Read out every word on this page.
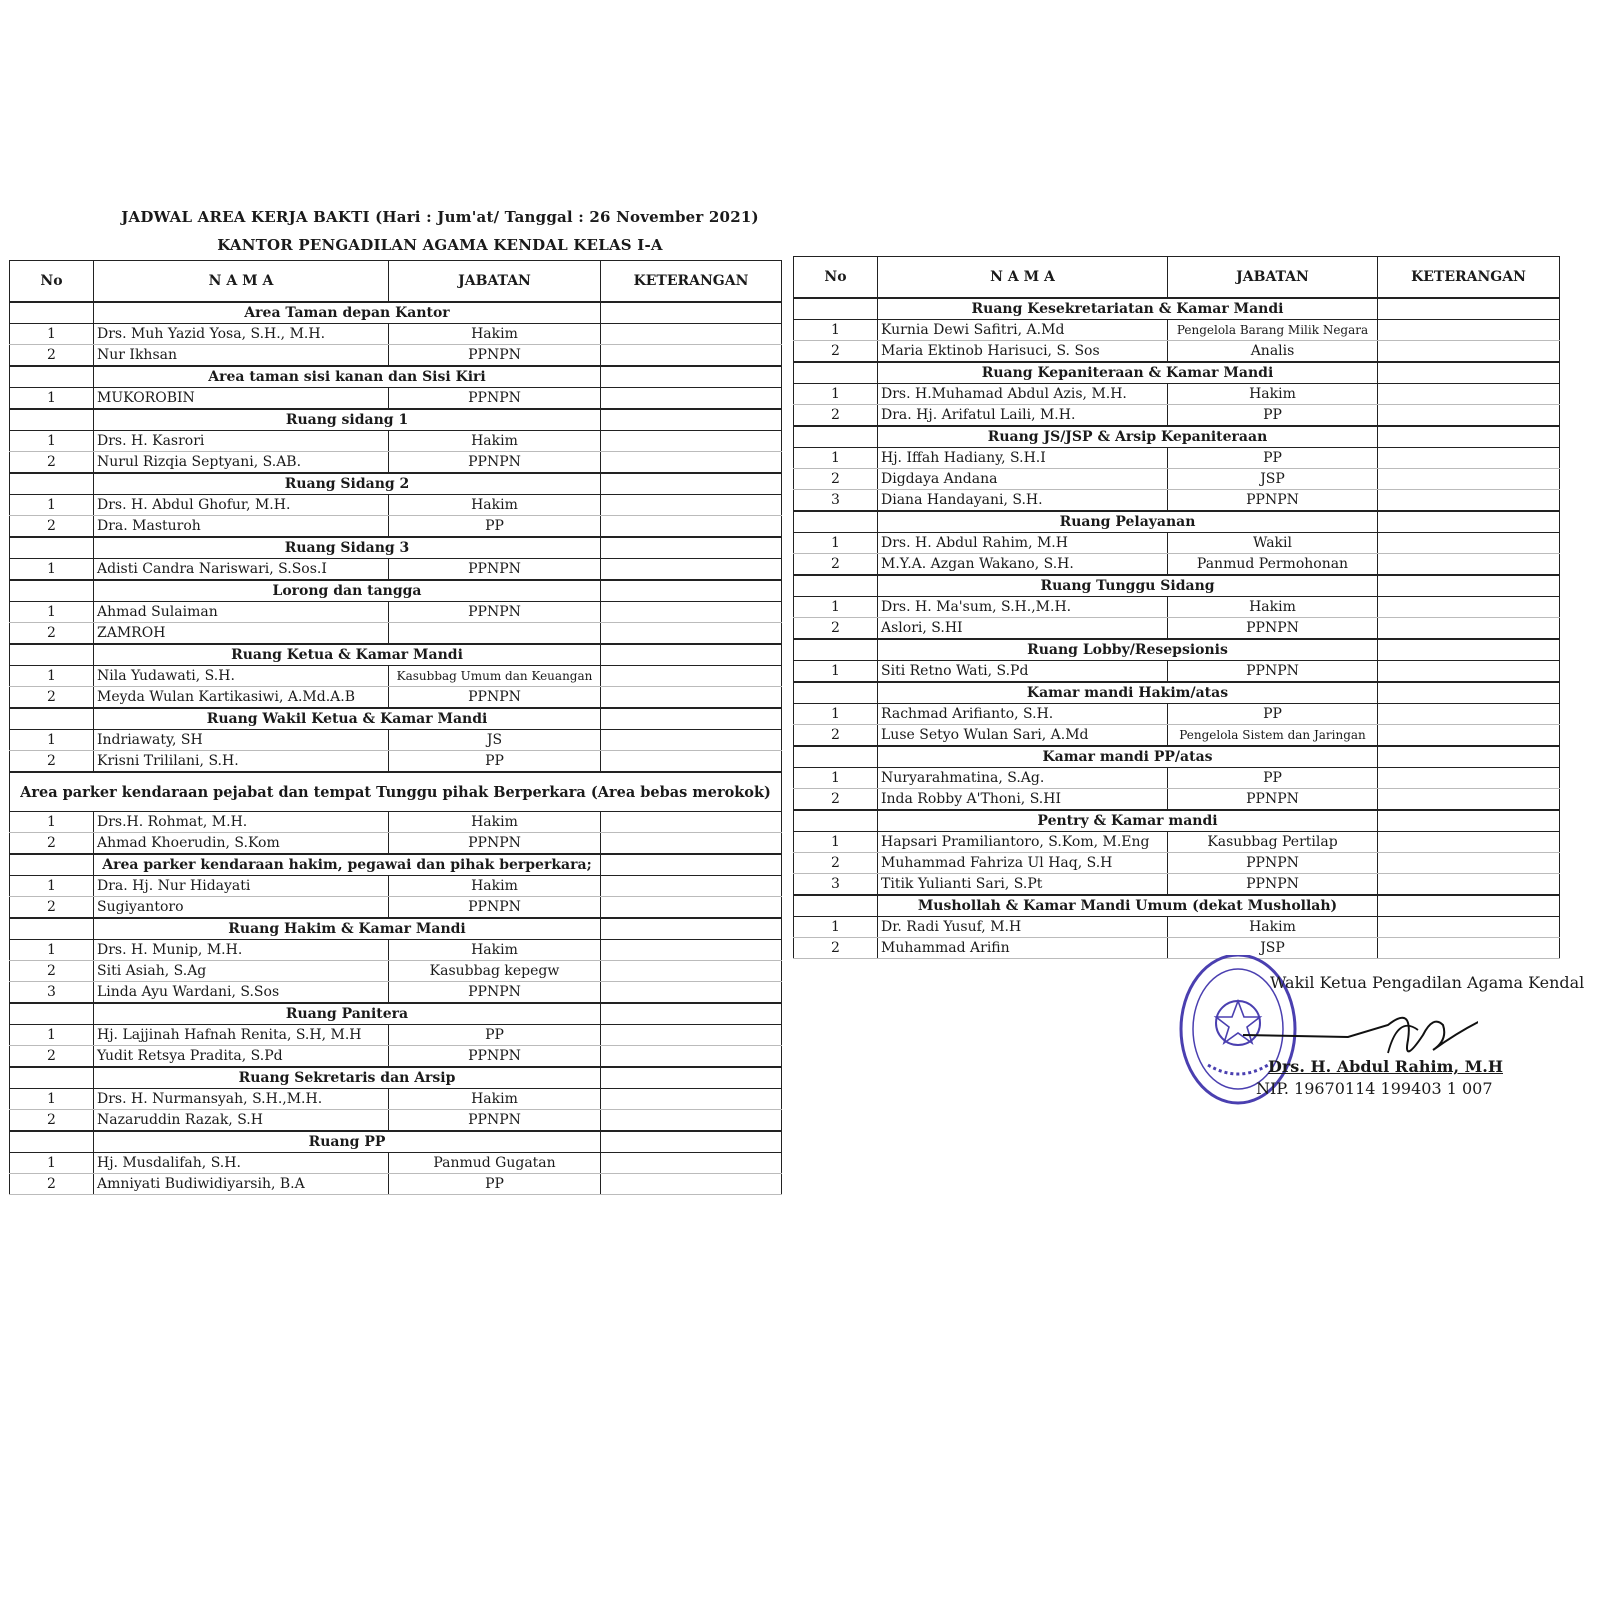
JADWAL AREA KERJA BAKTI (Hari : Jum'at/ Tanggal : 26 November 2021)
KANTOR PENGADILAN AGAMA KENDAL KELAS I-A
No	N A M A	JABATAN	KETERANGAN
	Area Taman depan Kantor		
1	Drs. Muh Yazid Yosa, S.H., M.H.	Hakim	
2	Nur Ikhsan	PPNPN	
	Area taman sisi kanan dan Sisi Kiri		
1	MUKOROBIN	PPNPN	
	Ruang sidang 1		
1	Drs. H. Kasrori	Hakim	
2	Nurul Rizqia Septyani, S.AB.	PPNPN	
	Ruang Sidang 2		
1	Drs. H. Abdul Ghofur, M.H.	Hakim	
2	Dra. Masturoh	PP	
	Ruang Sidang 3		
1	Adisti Candra Nariswari, S.Sos.I	PPNPN	
	Lorong dan tangga		
1	Ahmad Sulaiman	PPNPN	
2	ZAMROH		
	Ruang Ketua & Kamar Mandi		
1	Nila Yudawati, S.H.	Kasubbag Umum dan Keuangan	
2	Meyda Wulan Kartikasiwi, A.Md.A.B	PPNPN	
	Ruang Wakil Ketua & Kamar Mandi		
1	Indriawaty, SH	JS	
2	Krisni Trililani, S.H.	PP	
Area parker kendaraan pejabat dan tempat Tunggu pihak Berperkara (Area bebas merokok)			
1	Drs.H. Rohmat, M.H.	Hakim	
2	Ahmad Khoerudin, S.Kom	PPNPN	
	Area parker kendaraan hakim, pegawai dan pihak berperkara;		
1	Dra. Hj. Nur Hidayati	Hakim	
2	Sugiyantoro	PPNPN	
	Ruang Hakim & Kamar Mandi		
1	Drs. H. Munip, M.H.	Hakim	
2	Siti Asiah, S.Ag	Kasubbag kepegw	
3	Linda Ayu Wardani, S.Sos	PPNPN	
	Ruang Panitera		
1	Hj. Lajjinah Hafnah Renita, S.H, M.H	PP	
2	Yudit Retsya Pradita, S.Pd	PPNPN	
	Ruang Sekretaris dan Arsip		
1	Drs. H. Nurmansyah, S.H.,M.H.	Hakim	
2	Nazaruddin Razak, S.H	PPNPN	
	Ruang PP		
1	Hj. Musdalifah, S.H.	Panmud Gugatan	
2	Amniyati Budiwidiyarsih, B.A	PP	
No	N A M A	JABATAN	KETERANGAN
	Ruang Kesekretariatan & Kamar Mandi		
1	Kurnia Dewi Safitri, A.Md	Pengelola Barang Milik Negara	
2	Maria Ektinob Harisuci, S. Sos	Analis	
	Ruang Kepaniteraan & Kamar Mandi		
1	Drs. H.Muhamad Abdul Azis, M.H.	Hakim	
2	Dra. Hj. Arifatul Laili, M.H.	PP	
	Ruang JS/JSP & Arsip Kepaniteraan		
1	Hj. Iffah Hadiany, S.H.I	PP	
2	Digdaya Andana	JSP	
3	Diana Handayani, S.H.	PPNPN	
	Ruang Pelayanan		
1	Drs. H. Abdul Rahim, M.H	Wakil	
2	M.Y.A. Azgan Wakano, S.H.	Panmud Permohonan	
	Ruang Tunggu Sidang		
1	Drs. H. Ma'sum, S.H.,M.H.	Hakim	
2	Aslori, S.HI	PPNPN	
	Ruang Lobby/Resepsionis		
1	Siti Retno Wati, S.Pd	PPNPN	
	Kamar mandi Hakim/atas		
1	Rachmad Arifianto, S.H.	PP	
2	Luse Setyo Wulan Sari, A.Md	Pengelola Sistem dan Jaringan	
	Kamar mandi PP/atas		
1	Nuryarahmatina, S.Ag.	PP	
2	Inda Robby A'Thoni, S.HI	PPNPN	
	Pentry & Kamar mandi		
1	Hapsari Pramiliantoro, S.Kom, M.Eng	Kasubbag Pertilap	
2	Muhammad Fahriza Ul Haq, S.H	PPNPN	
3	Titik Yulianti Sari, S.Pt	PPNPN	
	Mushollah & Kamar Mandi Umum (dekat Mushollah)		
1	Dr. Radi Yusuf, M.H	Hakim	
2	Muhammad Arifin	JSP	
Wakil Ketua Pengadilan Agama Kendal
Drs. H. Abdul Rahim, M.H
NIP. 19670114 199403 1 007
